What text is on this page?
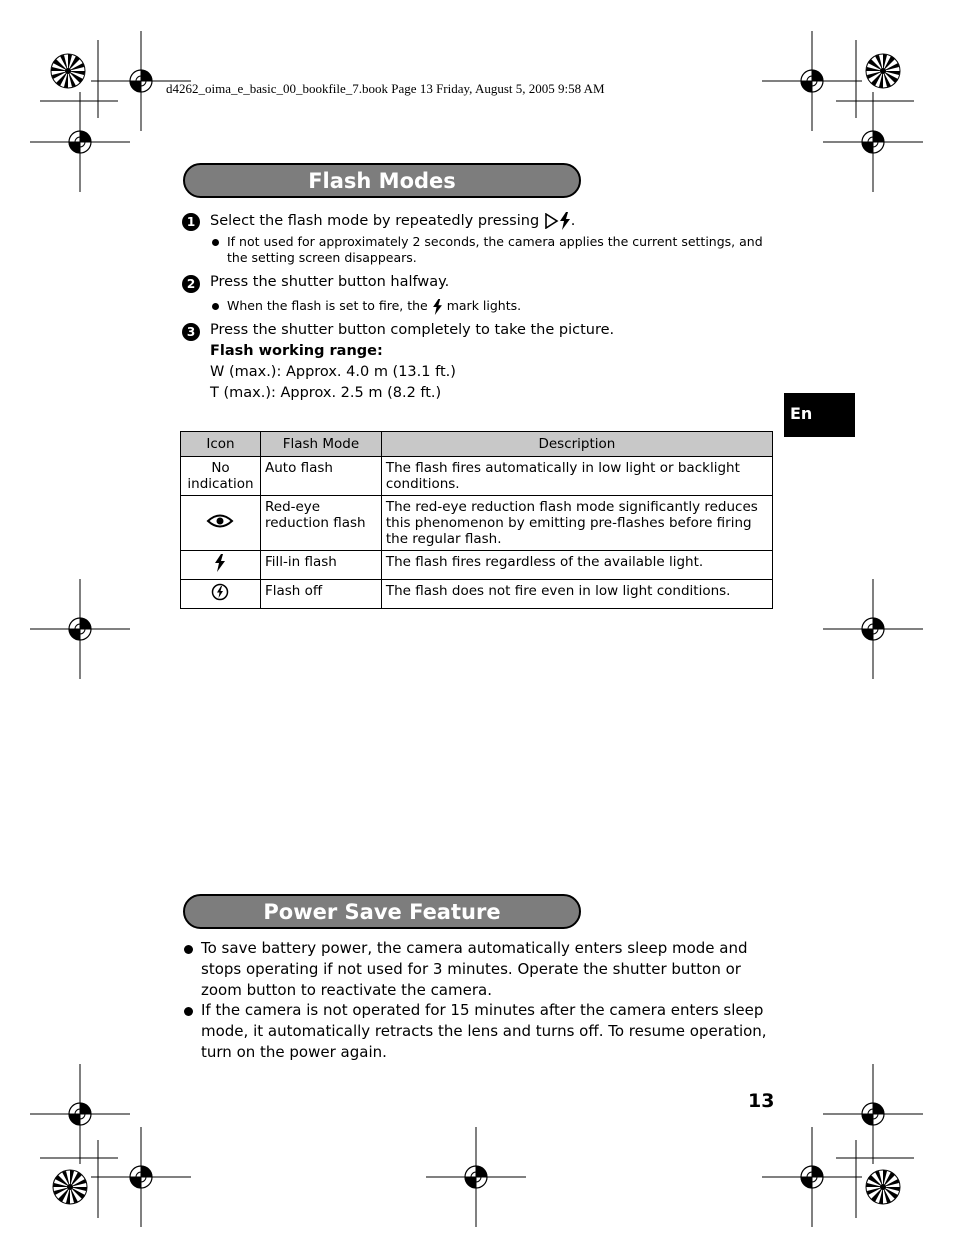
d4262_oima_e_basic_00_bookfile_7.book Page 13 Friday, August 5, 2005 9:58 AM
Flash Modes
1	Select the flash mode by repeatedly pressing .
If not used for approximately 2 seconds, the camera applies the current settings, and the setting screen disappears.
2	Press the shutter button halfway.
When the flash is set to fire, the mark lights.
3	Press the shutter button completely to take the picture.
Flash working range:
W (max.): Approx. 4.0 m (13.1 ft.)
T (max.): Approx. 2.5 m (8.2 ft.)
En
Icon	Flash Mode	Description
No indication	Auto flash	The flash fires automatically in low light or backlight conditions.
	Red-eye reduction flash	The red-eye reduction flash mode significantly reduces this phenomenon by emitting pre-flashes before firing the regular flash.
	Fill-in flash	The flash fires regardless of the available light.
	Flash off	The flash does not fire even in low light conditions.
Power Save Feature
To save battery power, the camera automatically enters sleep mode and stops operating if not used for 3 minutes. Operate the shutter button or zoom button to reactivate the camera.
If the camera is not operated for 15 minutes after the camera enters sleep mode, it automatically retracts the lens and turns off. To resume operation, turn on the power again.
13
